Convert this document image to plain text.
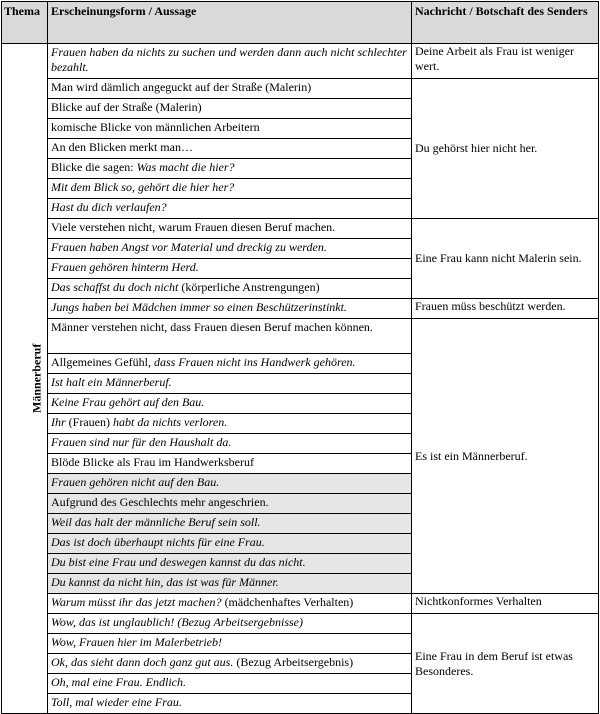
Thema	Erscheinungsform / Aussage	Nachricht / Botschaft des Senders
Männerberuf	Frauen haben da nichts zu suchen und werden dann auch nicht schlechter bezahlt.	Deine Arbeit als Frau ist weniger wert.
	Man wird dämlich angeguckt auf der Straße (Malerin)	Du gehörst hier nicht her.
	Blicke auf der Straße (Malerin)	
	komische Blicke von männlichen Arbeitern	
	An den Blicken merkt man…	
	Blicke die sagen: Was macht die hier?	
	Mit dem Blick so, gehört die hier her?	
	Hast du dich verlaufen?	
	Viele verstehen nicht, warum Frauen diesen Beruf machen.	Eine Frau kann nicht Malerin sein.
	Frauen haben Angst vor Material und dreckig zu werden.	
	Frauen gehören hinterm Herd.	
	Das schaffst du doch nicht (körperliche Anstrengungen)	
	Jungs haben bei Mädchen immer so einen Beschützerinstinkt.	Frauen müss beschützt werden.
	Männer verstehen nicht, dass Frauen diesen Beruf machen können.	Es ist ein Männerberuf.
	Allgemeines Gefühl, dass Frauen nicht ins Handwerk gehören.	
	Ist halt ein Männerberuf.	
	Keine Frau gehört auf den Bau.	
	Ihr (Frauen) habt da nichts verloren.	
	Frauen sind nur für den Haushalt da.	
	Blöde Blicke als Frau im Handwerksberuf	
	Frauen gehören nicht auf den Bau.	
	Aufgrund des Geschlechts mehr angeschrien.	
	Weil das halt der männliche Beruf sein soll.	
	Das ist doch überhaupt nichts für eine Frau.	
	Du bist eine Frau und deswegen kannst du das nicht.	
	Du kannst da nicht hin, das ist was für Männer.	
	Warum müsst ihr das jetzt machen? (mädchenhaftes Verhalten)	Nichtkonformes Verhalten
	Wow, das ist unglaublich! (Bezug Arbeitsergebnisse)	Eine Frau in dem Beruf ist etwas Besonderes.
	Wow, Frauen hier im Malerbetrieb!	
	Ok, das sieht dann doch ganz gut aus. (Bezug Arbeitsergebnis)	
	Oh, mal eine Frau. Endlich.	
	Toll, mal wieder eine Frau.	
